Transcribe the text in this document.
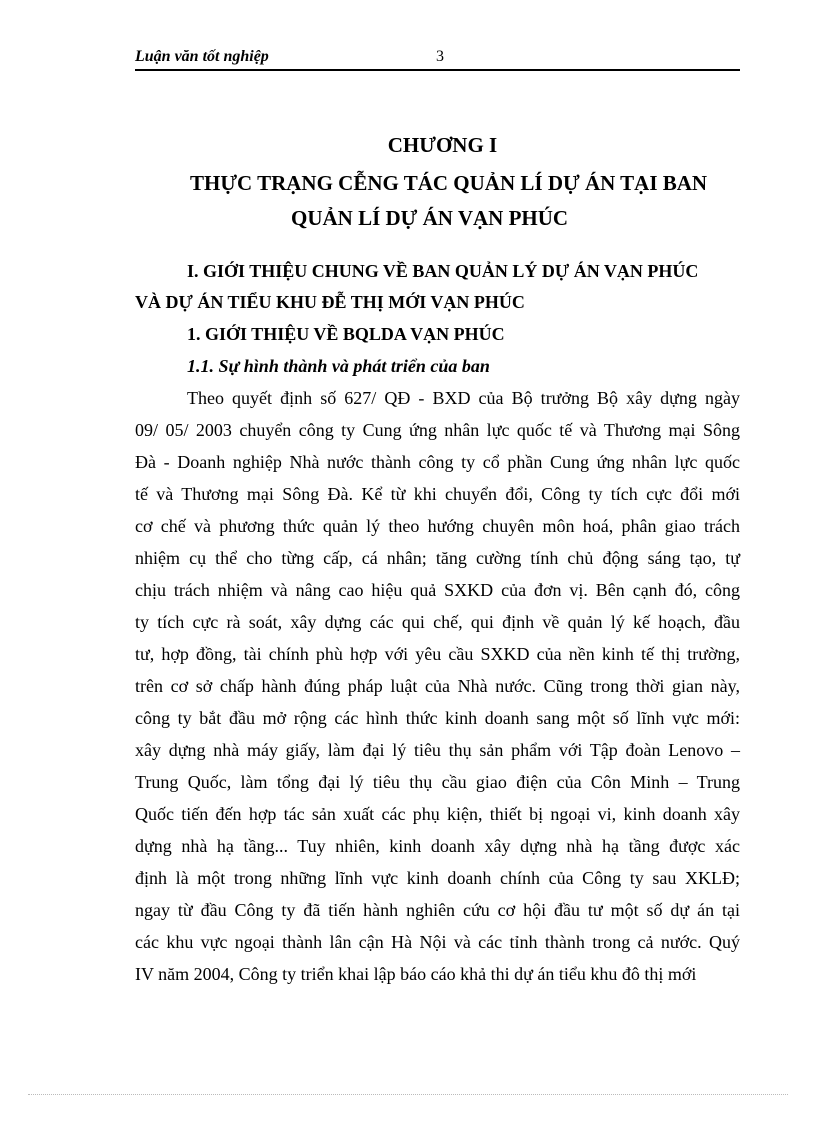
Luận văn tốt nghiệp	3
CHƯƠNG I
THỰC TRẠNG CỄNG TÁC QUẢN LÍ DỰ ÁN TẠI BAN
QUẢN LÍ DỰ ÁN VẠN PHÚC
I. GIỚI THIỆU CHUNG VỀ BAN QUẢN LÝ DỰ ÁN VẠN PHÚC
VÀ DỰ ÁN TIỂU KHU ĐỄ THỊ MỚI VẠN PHÚC
1. GIỚI THIỆU VỀ BQLDA VẠN PHÚC
1.1. Sự hình thành và phát triển của ban
Theo quyết định số 627/ QĐ - BXD của Bộ trưởng Bộ xây dựng ngày
09/ 05/ 2003 chuyển công ty Cung ứng nhân lực quốc tế và Thương mại Sông
Đà - Doanh nghiệp Nhà nước thành công ty cổ phần Cung ứng nhân lực quốc
tế và Thương mại Sông Đà. Kể từ khi chuyển đổi, Công ty tích cực đổi mới
cơ chế và phương thức quản lý theo hướng chuyên môn hoá, phân giao trách
nhiệm cụ thể cho từng cấp, cá nhân; tăng cường tính chủ động sáng tạo, tự
chịu trách nhiệm và nâng cao hiệu quả SXKD của đơn vị. Bên cạnh đó, công
ty tích cực rà soát, xây dựng các qui chế, qui định về quản lý kế hoạch, đầu
tư, hợp đồng, tài chính phù hợp với yêu cầu SXKD của nền kinh tế thị trường,
trên cơ sở chấp hành đúng pháp luật của Nhà nước. Cũng trong thời gian này,
công ty bắt đầu mở rộng các hình thức kinh doanh sang một số lĩnh vực mới:
xây dựng nhà máy giấy, làm đại lý tiêu thụ sản phẩm với Tập đoàn Lenovo –
Trung Quốc, làm tổng đại lý tiêu thụ cầu giao điện của Côn Minh – Trung
Quốc tiến đến hợp tác sản xuất các phụ kiện, thiết bị ngoại vi, kinh doanh xây
dựng nhà hạ tầng... Tuy nhiên, kinh doanh xây dựng nhà hạ tầng được xác
định là một trong những lĩnh vực kinh doanh chính của Công ty sau XKLĐ;
ngay từ đầu Công ty đã tiến hành nghiên cứu cơ hội đầu tư một số dự án tại
các khu vực ngoại thành lân cận Hà Nội và các tỉnh thành trong cả nước. Quý
IV năm 2004, Công ty triển khai lập báo cáo khả thi dự án tiểu khu đô thị mới
